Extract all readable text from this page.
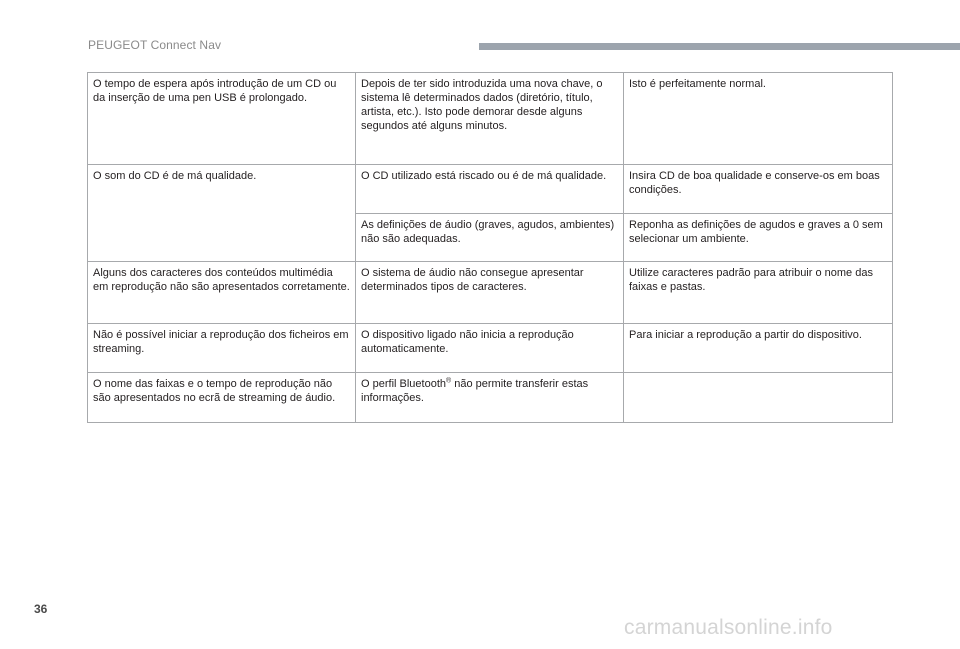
PEUGEOT Connect Nav
O tempo de espera após introdução de um CD ou da inserção de uma pen USB é prolongado.	Depois de ter sido introduzida uma nova chave, o sistema lê determinados dados (diretório, título, artista, etc.). Isto pode demorar desde alguns segundos até alguns minutos.	Isto é perfeitamente normal.
O som do CD é de má qualidade.	O CD utilizado está riscado ou é de má qualidade.	Insira CD de boa qualidade e conserve-os em boas condições.
	As definições de áudio (graves, agudos, ambientes) não são adequadas.	Reponha as definições de agudos e graves a 0 sem selecionar um ambiente.
Alguns dos caracteres dos conteúdos multimédia em reprodução não são apresentados corretamente.	O sistema de áudio não consegue apresentar determinados tipos de caracteres.	Utilize caracteres padrão para atribuir o nome das faixas e pastas.
Não é possível iniciar a reprodução dos ficheiros em streaming.	O dispositivo ligado não inicia a reprodução automaticamente.	Para iniciar a reprodução a partir do dispositivo.
O nome das faixas e o tempo de reprodução não são apresentados no ecrã de streaming de áudio.	O perfil Bluetooth® não permite transferir estas informações.	
36
carmanualsonline.info
